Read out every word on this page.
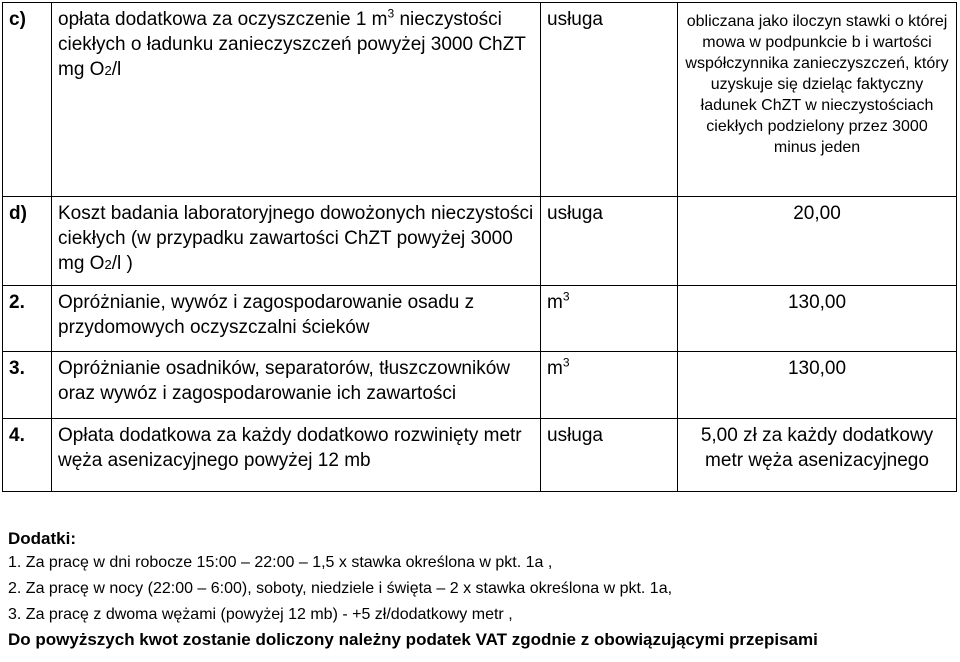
c)	opłata dodatkowa za oczyszczenie 1 $m^3$ nieczystości ciekłych o ładunku zanieczyszczeń powyżej 3000 ChZT mg O2/l	usługa	obliczana jako iloczyn stawki o której mowa w podpunkcie b i wartości współczynnika zanieczyszczeń, który uzyskuje się dzieląc faktyczny ładunek ChZT w nieczystościach ciekłych podzielony przez 3000 minus jeden
d)	Koszt badania laboratoryjnego dowożonych nieczystości ciekłych (w przypadku zawartości ChZT powyżej 3000 mg O2/l )	usługa	20,00
2.	Opróżnianie, wywóz i zagospodarowanie osadu z przydomowych oczyszczalni ścieków	$m^3$	130,00
3.	Opróżnianie osadników, separatorów, tłuszczowników oraz wywóz i zagospodarowanie ich zawartości	$m^3$	130,00
4.	Opłata dodatkowa za każdy dodatkowo rozwinięty metr węża asenizacyjnego powyżej 12 mb	usługa	5,00 zł za każdy dodatkowy metr węża asenizacyjnego
Dodatki:
1. Za pracę w dni robocze 15:00 – 22:00 – 1,5 x stawka określona w pkt. 1a ,
2. Za pracę w nocy (22:00 – 6:00), soboty, niedziele i święta – 2 x stawka określona w pkt. 1a,
3. Za pracę z dwoma wężami (powyżej 12 mb) - +5 zł/dodatkowy metr ,
Do powyższych kwot zostanie doliczony należny podatek VAT zgodnie z obowiązującymi przepisami
